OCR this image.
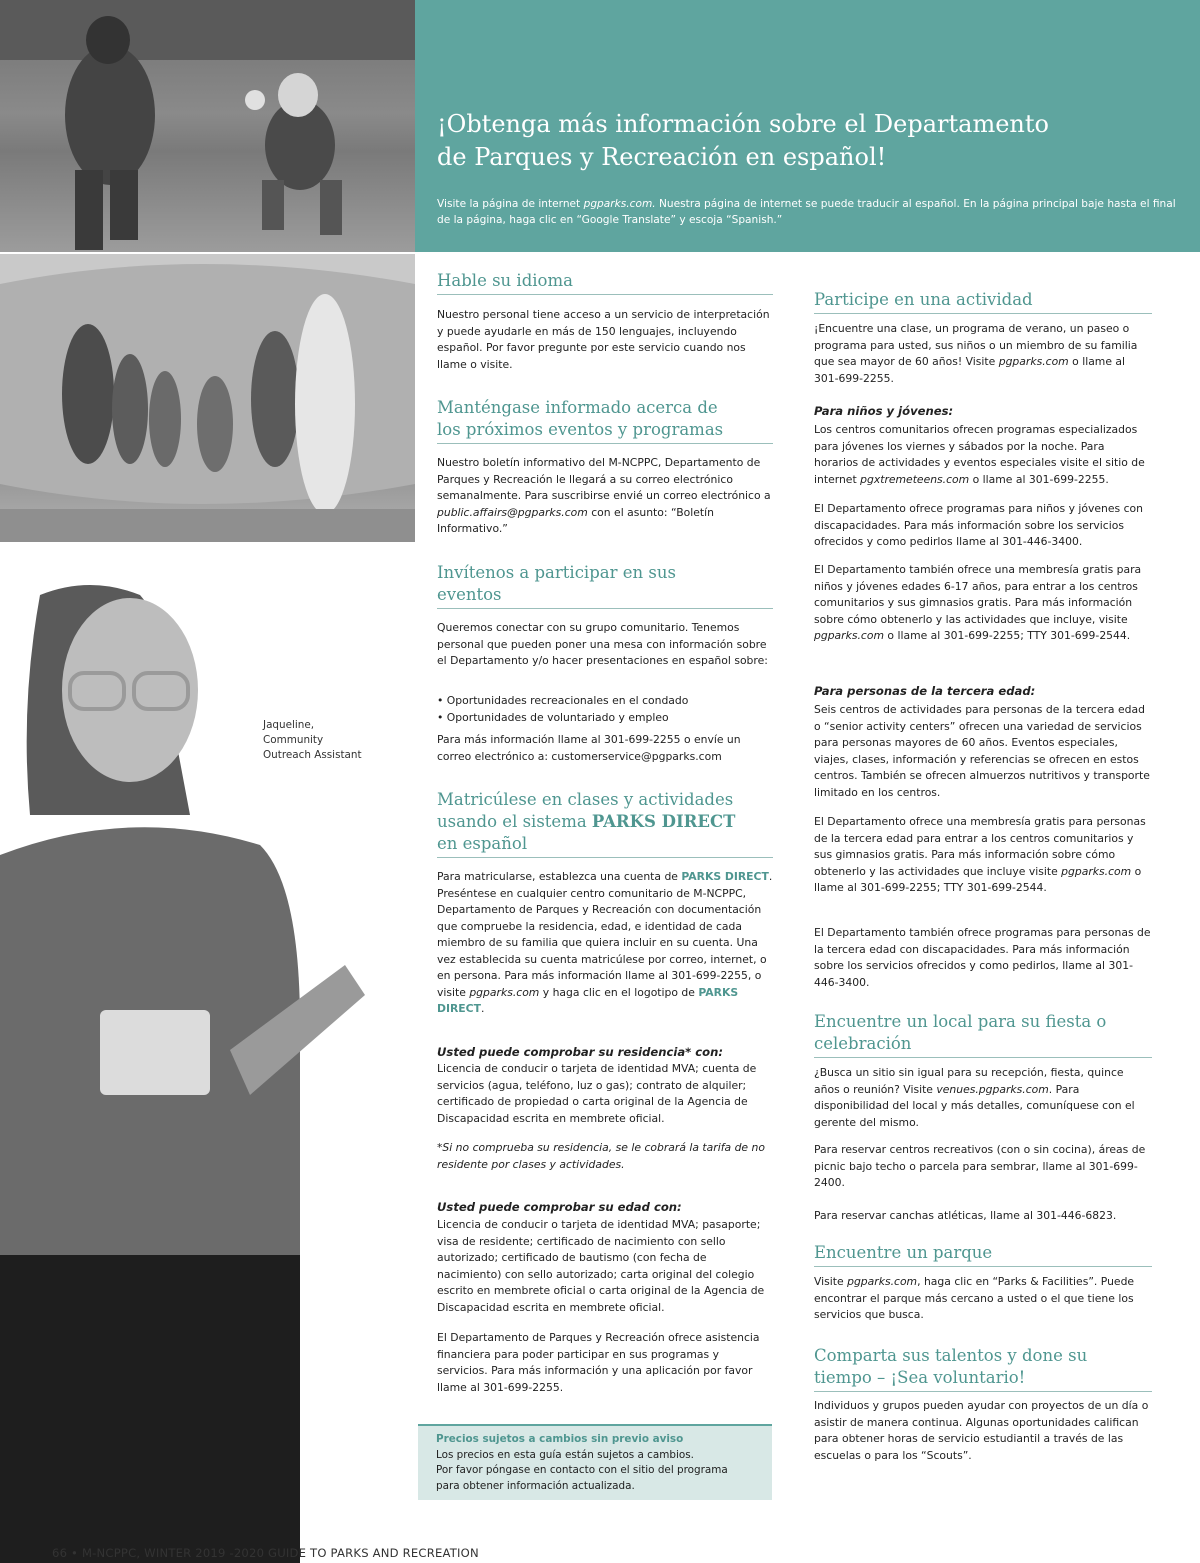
Jaqueline,
Community
Outreach Assistant
¡Obtenga más información sobre el Departamento
de Parques y Recreación en español!

Visite la página de internet pgparks.com. Nuestra página de internet se puede traducir al español. En la página principal baje hasta el final de la página, haga clic en “Google Translate” y escoja “Spanish.”

Hable su idioma

Nuestro personal tiene acceso a un servicio de interpretación y puede ayudarle en más de 150 lenguajes, incluyendo español. Por favor pregunte por este servicio cuando nos llame o visite.

Manténgase informado acerca de
los próximos eventos y programas

Nuestro boletín informativo del M-NCPPC, Departamento de Parques y Recreación le llegará a su correo electrónico semanalmente. Para suscribirse envié un correo electrónico a public.affairs@pgparks.com con el asunto: “Boletín Informativo.”

Invítenos a participar en sus
eventos

Queremos conectar con su grupo comunitario. Tenemos personal que pueden poner una mesa con información sobre el Departamento y/o hacer presentaciones en español sobre:

• Oportunidades recreacionales en el condado
• Oportunidades de voluntariado y empleo

Para más información llame al 301-699-2255 o envíe un correo electrónico a: customerservice@pgparks.com

Matricúlese en clases y actividades
usando el sistema PARKS DIRECT
en español

Para matricularse, establezca una cuenta de PARKS DIRECT. Preséntese en cualquier centro comunitario de M-NCPPC, Departamento de Parques y Recreación con documentación que compruebe la residencia, edad, e identidad de cada miembro de su familia que quiera incluir en su cuenta. Una vez establecida su cuenta matricúlese por correo, internet, o en persona. Para más información llame al 301-699-2255, o visite pgparks.com y haga clic en el logotipo de PARKS DIRECT.

Usted puede comprobar su residencia* con:

Licencia de conducir o tarjeta de identidad MVA; cuenta de servicios (agua, teléfono, luz o gas); contrato de alquiler; certificado de propiedad o carta original de la Agencia de Discapacidad escrita en membrete oficial.

*Si no comprueba su residencia, se le cobrará la tarifa de no residente por clases y actividades.

Usted puede comprobar su edad con:

Licencia de conducir o tarjeta de identidad MVA; pasaporte; visa de residente; certificado de nacimiento con sello autorizado; certificado de bautismo (con fecha de nacimiento) con sello autorizado; carta original del colegio escrito en membrete oficial o carta original de la Agencia de Discapacidad escrita en membrete oficial.

El Departamento de Parques y Recreación ofrece asistencia financiera para poder participar en sus programas y servicios. Para más información y una aplicación por favor llame al 301-699-2255.

Precios sujetos a cambios sin previo aviso
Los precios en esta guía están sujetos a cambios.
Por favor póngase en contacto con el sitio del programa
para obtener información actualizada.
Participe en una actividad

¡Encuentre una clase, un programa de verano, un paseo o programa para usted, sus niños o un miembro de su familia que sea mayor de 60 años! Visite pgparks.com o llame al 301-699-2255.

Para niños y jóvenes:

Los centros comunitarios ofrecen programas especializados para jóvenes los viernes y sábados por la noche. Para horarios de actividades y eventos especiales visite el sitio de internet pgxtremeteens.com o llame al 301-699-2255.

El Departamento ofrece programas para niños y jóvenes con discapacidades. Para más información sobre los servicios ofrecidos y como pedirlos llame al 301-446-3400.

El Departamento también ofrece una membresía gratis para niños y jóvenes edades 6-17 años, para entrar a los centros comunitarios y sus gimnasios gratis. Para más información sobre cómo obtenerlo y las actividades que incluye, visite pgparks.com o llame al 301-699-2255; TTY 301-699-2544.

Para personas de la tercera edad:

Seis centros de actividades para personas de la tercera edad o “senior activity centers” ofrecen una variedad de servicios para personas mayores de 60 años. Eventos especiales, viajes, clases, información y referencias se ofrecen en estos centros. También se ofrecen almuerzos nutritivos y transporte limitado en los centros.

El Departamento ofrece una membresía gratis para personas de la tercera edad para entrar a los centros comunitarios y sus gimnasios gratis. Para más información sobre cómo obtenerlo y las actividades que incluye visite pgparks.com o llame al 301-699-2255; TTY 301-699-2544.

El Departamento también ofrece programas para personas de la tercera edad con discapacidades. Para más información sobre los servicios ofrecidos y como pedirlos, llame al 301-446-3400.

Encuentre un local para su fiesta o
celebración

¿Busca un sitio sin igual para su recepción, fiesta, quince años o reunión? Visite venues.pgparks.com. Para disponibilidad del local y más detalles, comuníquese con el gerente del mismo.

Para reservar centros recreativos (con o sin cocina), áreas de picnic bajo techo o parcela para sembrar, llame al 301-699-2400.

Para reservar canchas atléticas, llame al 301-446-6823.

Encuentre un parque

Visite pgparks.com, haga clic en “Parks & Facilities”. Puede encontrar el parque más cercano a usted o el que tiene los servicios que busca.

Comparta sus talentos y done su
tiempo – ¡Sea voluntario!

Individuos y grupos pueden ayudar con proyectos de un día o asistir de manera continua. Algunas oportunidades califican para obtener horas de servicio estudiantil a través de las escuelas o para los “Scouts”.

66 • M-NCPPC, WINTER 2019 -2020 GUIDE TO PARKS AND RECREATION
